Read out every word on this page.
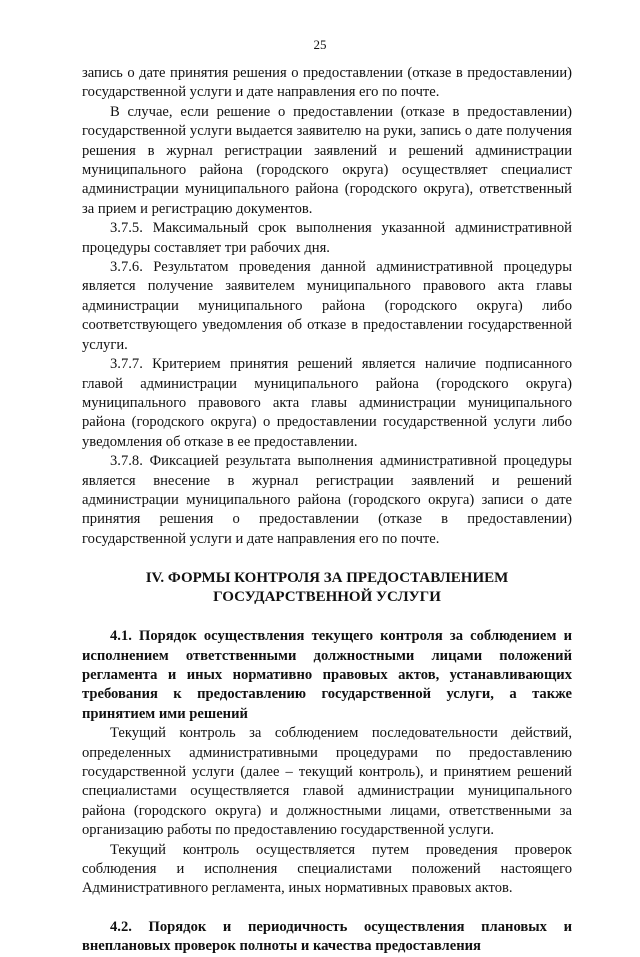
25

запись о дате принятия решения о предоставлении (отказе в предоставлении) государственной услуги и дате направления его по почте.

В случае, если решение о предоставлении (отказе в предоставлении) государственной услуги выдается заявителю на руки, запись о дате получения решения в журнал регистрации заявлений и решений администрации муниципального района (городского округа) осуществляет специалист администрации муниципального района (городского округа), ответственный за прием и регистрацию документов.

3.7.5. Максимальный срок выполнения указанной административной процедуры составляет три рабочих дня.

3.7.6. Результатом проведения данной административной процедуры является получение заявителем муниципального правового акта главы администрации муниципального района (городского округа) либо соответствующего уведомления об отказе в предоставлении государственной услуги.

3.7.7. Критерием принятия решений является наличие подписанного главой администрации муниципального района (городского округа) муниципального правового акта главы администрации муниципального района (городского округа) о предоставлении государственной услуги либо уведомления об отказе в ее предоставлении.

3.7.8. Фиксацией результата выполнения административной процедуры является внесение в журнал регистрации заявлений и решений администрации муниципального района (городского округа) записи о дате принятия решения о предоставлении (отказе в предоставлении) государственной услуги и дате направления его по почте.

IV. ФОРМЫ КОНТРОЛЯ ЗА ПРЕДОСТАВЛЕНИЕМ
ГОСУДАРСТВЕННОЙ УСЛУГИ

4.1. Порядок осуществления текущего контроля за соблюдением и исполнением ответственными должностными лицами положений регламента и иных нормативно правовых актов, устанавливающих требования к предоставлению государственной услуги, а также принятием ими решений

Текущий контроль за соблюдением последовательности действий, определенных административными процедурами по предоставлению государственной услуги (далее – текущий контроль), и принятием решений специалистами осуществляется главой администрации муниципального района (городского округа) и должностными лицами, ответственными за организацию работы по предоставлению государственной услуги.

Текущий контроль осуществляется путем проведения проверок соблюдения и исполнения специалистами положений настоящего Административного регламента, иных нормативных правовых актов.

4.2. Порядок и периодичность осуществления плановых и внеплановых проверок полноты и качества предоставления
